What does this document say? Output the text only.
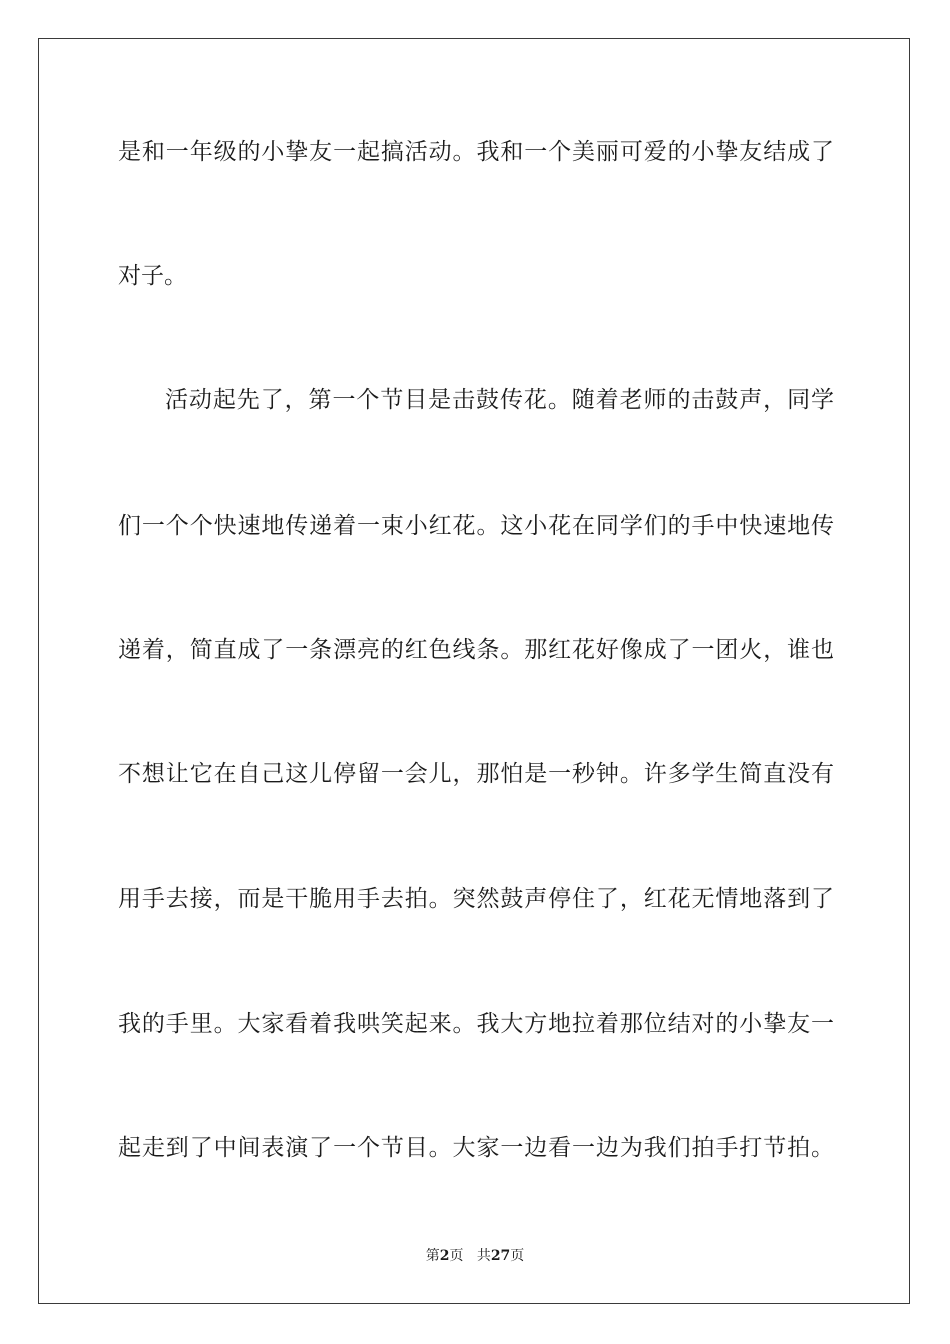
是和一年级的小挚友一起搞活动。我和一个美丽可爱的小挚友结成了
对子。
活动起先了，第一个节目是击鼓传花。随着老师的击鼓声，同学
们一个个快速地传递着一束小红花。这小花在同学们的手中快速地传
递着，简直成了一条漂亮的红色线条。那红花好像成了一团火，谁也
不想让它在自己这儿停留一会儿，那怕是一秒钟。许多学生简直没有
用手去接，而是干脆用手去拍。突然鼓声停住了，红花无情地落到了
我的手里。大家看着我哄笑起来。我大方地拉着那位结对的小挚友一
起走到了中间表演了一个节目。大家一边看一边为我们拍手打节拍。
第2页 共27页
